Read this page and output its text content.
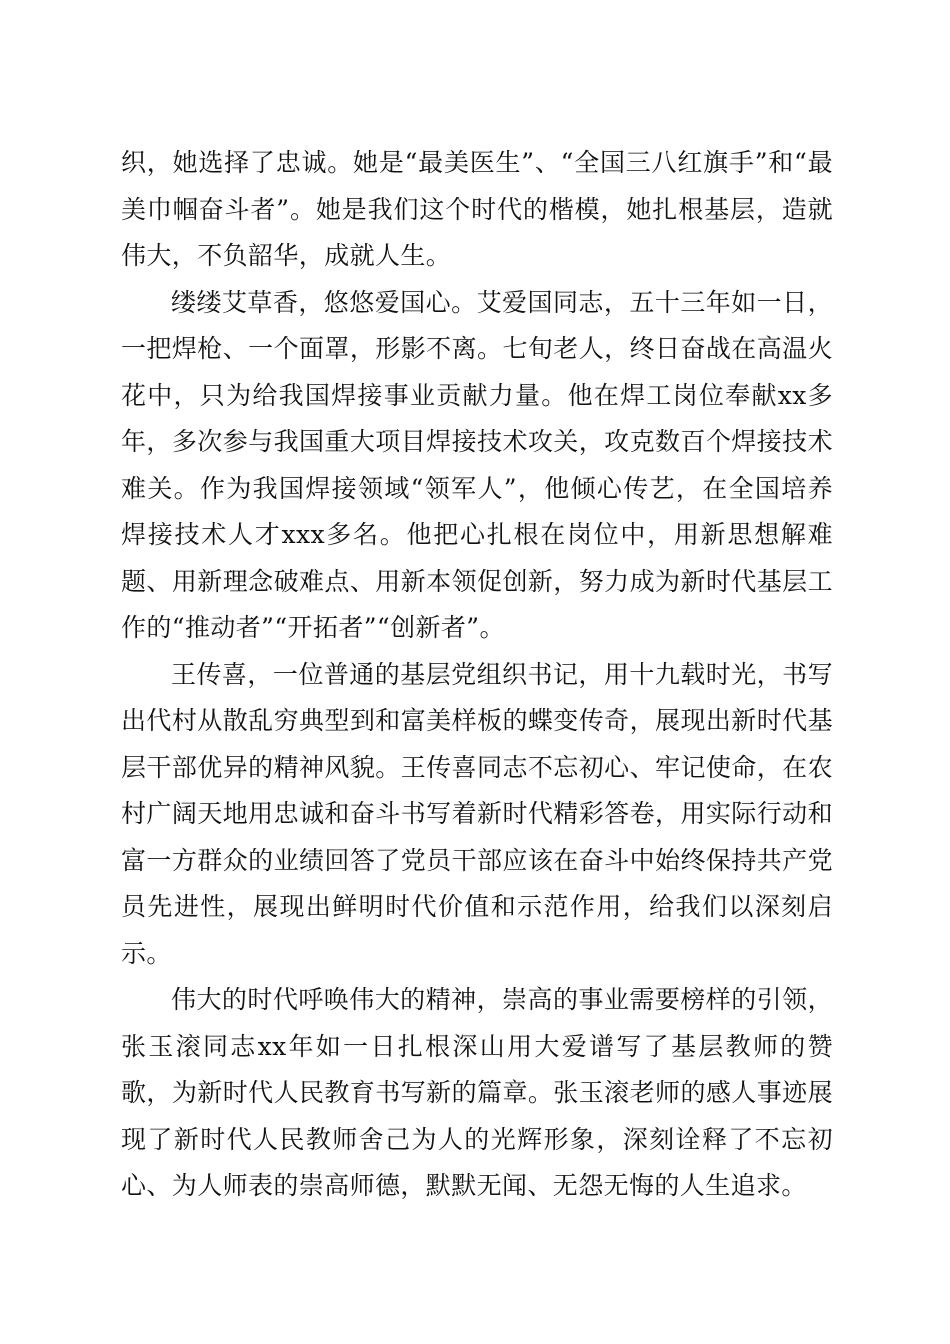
织，她选择了忠诚。她是“最美医生”、“全国三八红旗手”和“最美巾帼奋斗者”。她是我们这个时代的楷模，她扎根基层，造就伟大，不负韶华，成就人生。

缕缕艾草香，悠悠爱国心。艾爱国同志，五十三年如一日，一把焊枪、一个面罩，形影不离。七旬老人，终日奋战在高温火花中，只为给我国焊接事业贡献力量。他在焊工岗位奉献xx多年，多次参与我国重大项目焊接技术攻关，攻克数百个焊接技术难关。作为我国焊接领域“领军人”，他倾心传艺，在全国培养焊接技术人才xxx多名。他把心扎根在岗位中，用新思想解难题、用新理念破难点、用新本领促创新，努力成为新时代基层工作的“推动者”“开拓者”“创新者”。

王传喜，一位普通的基层党组织书记，用十九载时光，书写出代村从散乱穷典型到和富美样板的蝶变传奇，展现出新时代基层干部优异的精神风貌。王传喜同志不忘初心、牢记使命，在农村广阔天地用忠诚和奋斗书写着新时代精彩答卷，用实际行动和富一方群众的业绩回答了党员干部应该在奋斗中始终保持共产党员先进性，展现出鲜明时代价值和示范作用，给我们以深刻启示。

伟大的时代呼唤伟大的精神，崇高的事业需要榜样的引领，张玉滚同志xx年如一日扎根深山用大爱谱写了基层教师的赞歌，为新时代人民教育书写新的篇章。张玉滚老师的感人事迹展现了新时代人民教师舍己为人的光辉形象，深刻诠释了不忘初心、为人师表的崇高师德，默默无闻、无怨无悔的人生追求。
